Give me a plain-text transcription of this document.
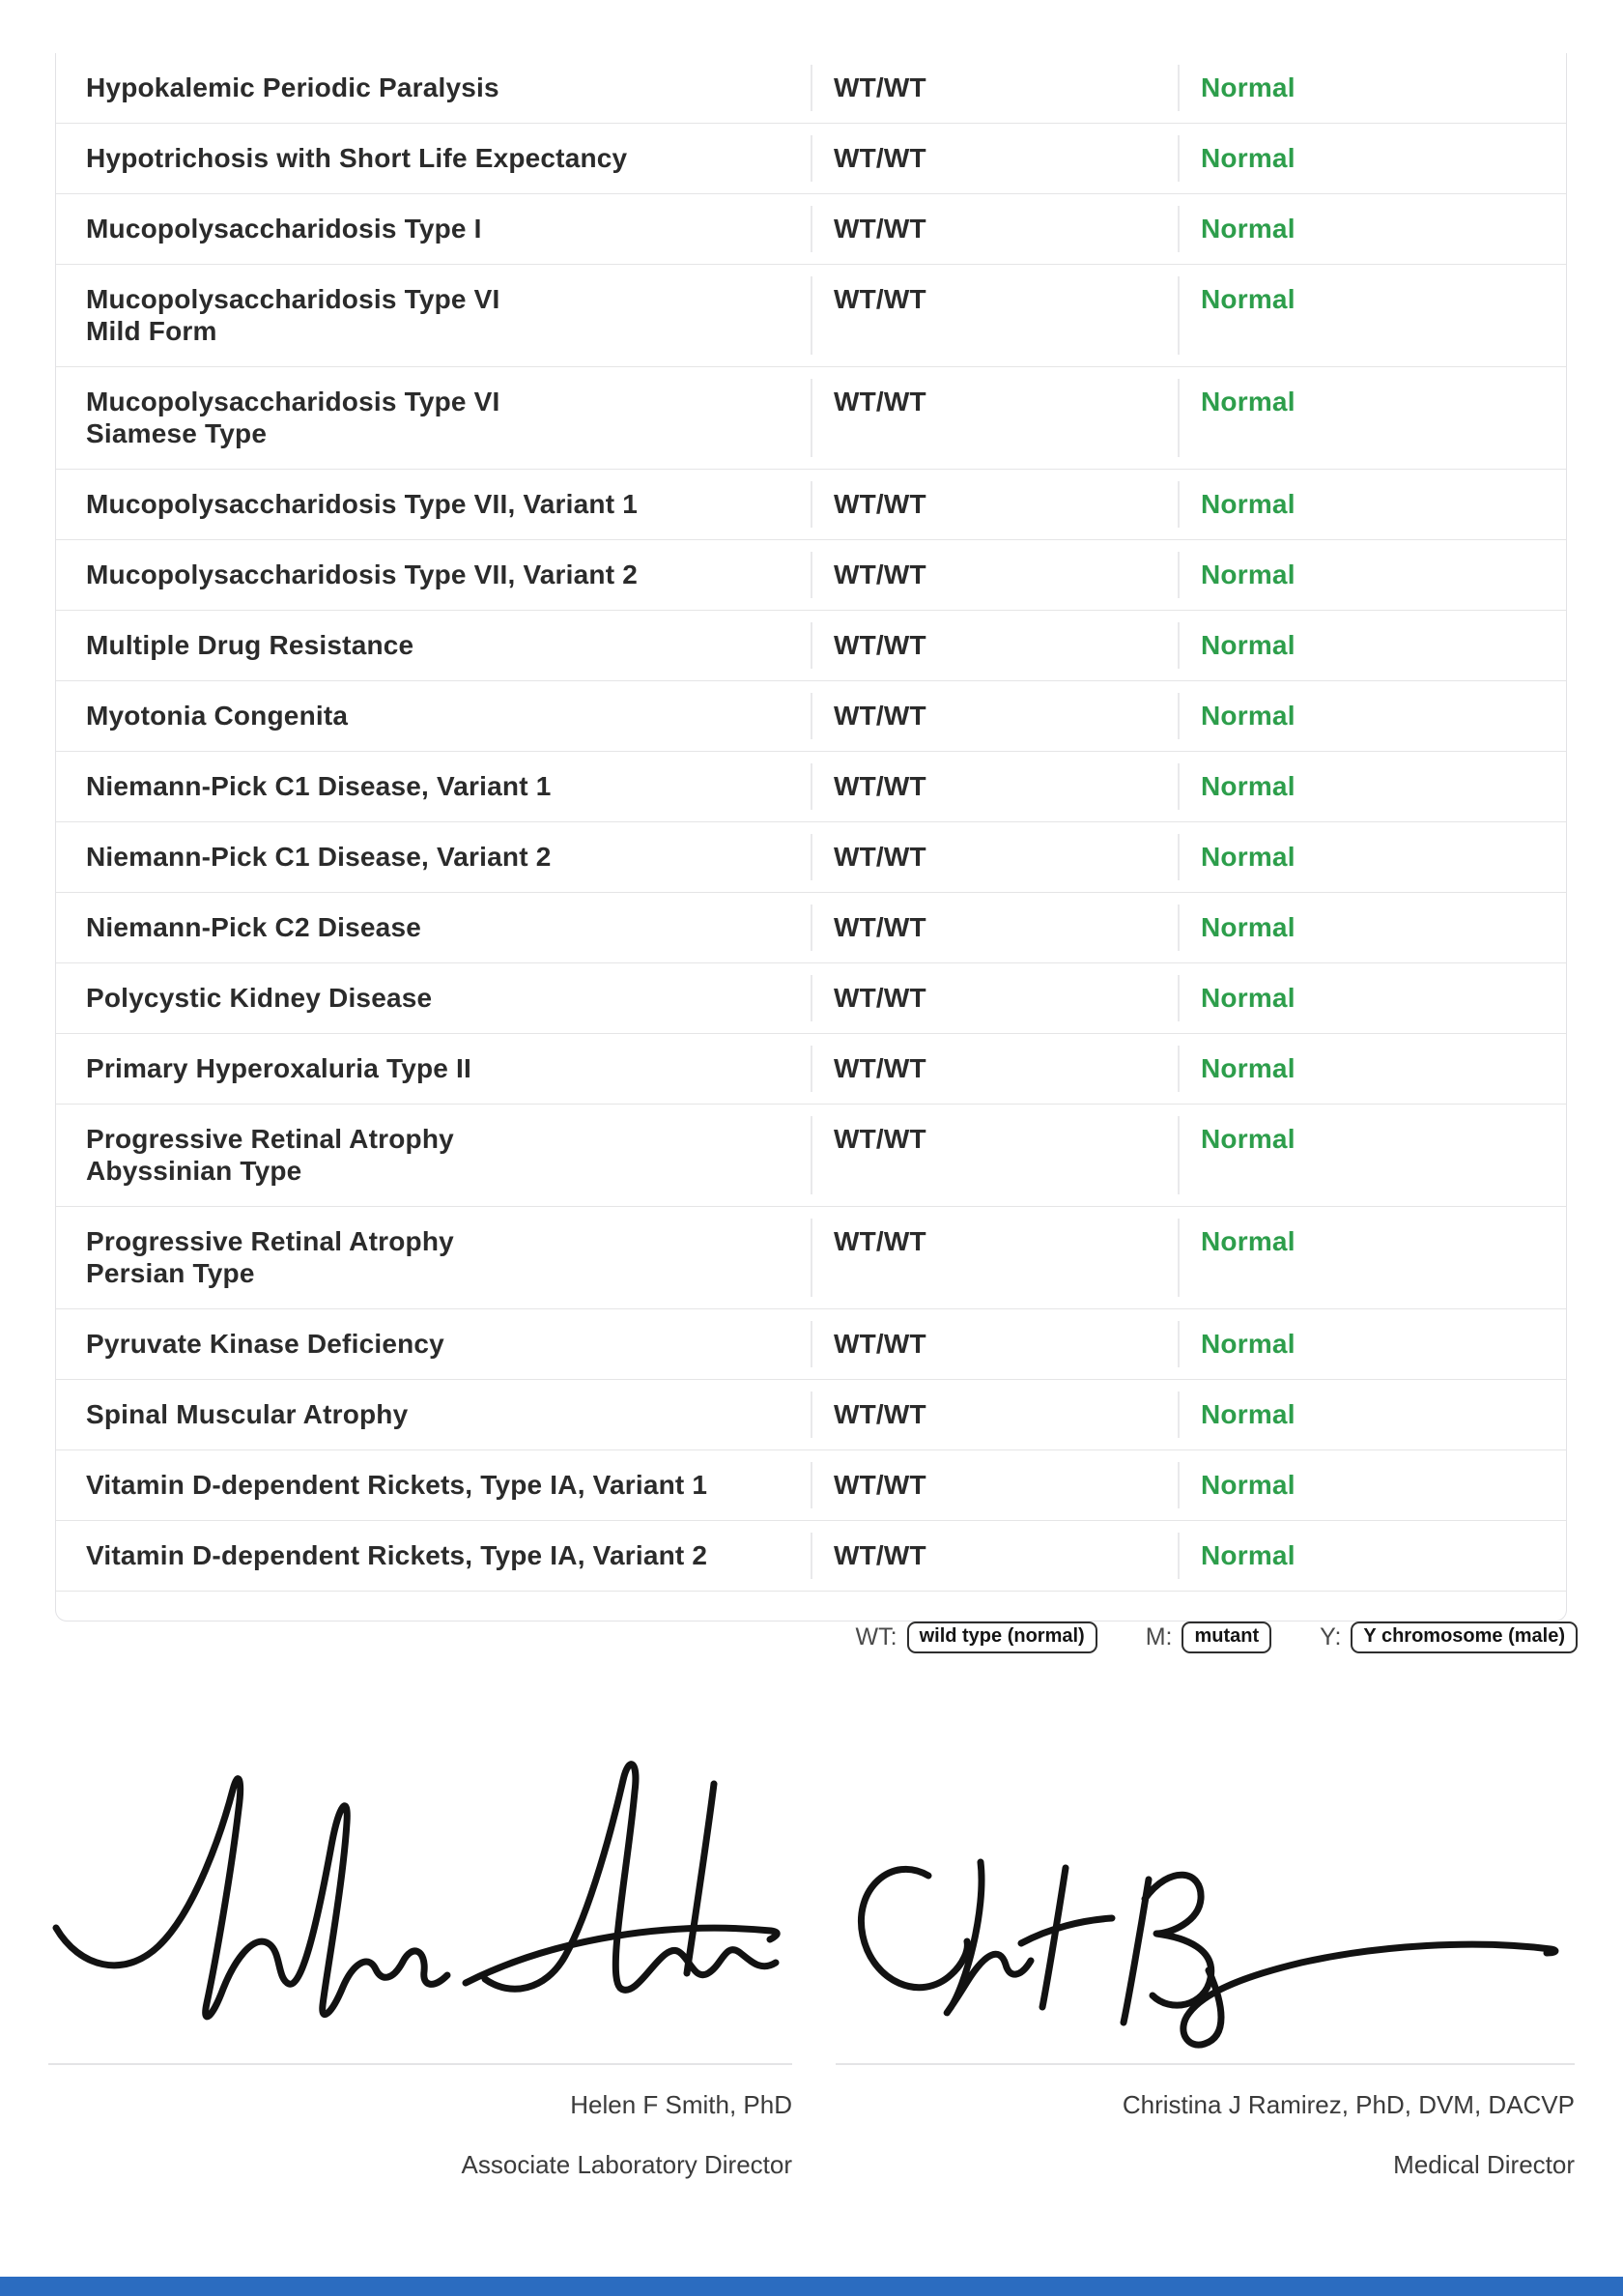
Hypokalemic Periodic Paralysis	WT/WT	Normal
Hypotrichosis with Short Life Expectancy	WT/WT	Normal
Mucopolysaccharidosis Type I	WT/WT	Normal
Mucopolysaccharidosis Type VI
Mild Form
WT/WT	Normal
Mucopolysaccharidosis Type VI
Siamese Type
WT/WT	Normal
Mucopolysaccharidosis Type VII, Variant 1	WT/WT	Normal
Mucopolysaccharidosis Type VII, Variant 2	WT/WT	Normal
Multiple Drug Resistance	WT/WT	Normal
Myotonia Congenita	WT/WT	Normal
Niemann-Pick C1 Disease, Variant 1	WT/WT	Normal
Niemann-Pick C1 Disease, Variant 2	WT/WT	Normal
Niemann-Pick C2 Disease	WT/WT	Normal
Polycystic Kidney Disease	WT/WT	Normal
Primary Hyperoxaluria Type II	WT/WT	Normal
Progressive Retinal Atrophy
Abyssinian Type
WT/WT	Normal
Progressive Retinal Atrophy
Persian Type
WT/WT	Normal
Pyruvate Kinase Deficiency	WT/WT	Normal
Spinal Muscular Atrophy	WT/WT	Normal
Vitamin D-dependent Rickets, Type IA, Variant 1	WT/WT	Normal
Vitamin D-dependent Rickets, Type IA, Variant 2	WT/WT	Normal
WT:	wild type (normal)	M:	mutant	Y:	Y chromosome (male)
Helen F Smith, PhD
Associate Laboratory Director
Christina J Ramirez, PhD, DVM, DACVP
Medical Director
